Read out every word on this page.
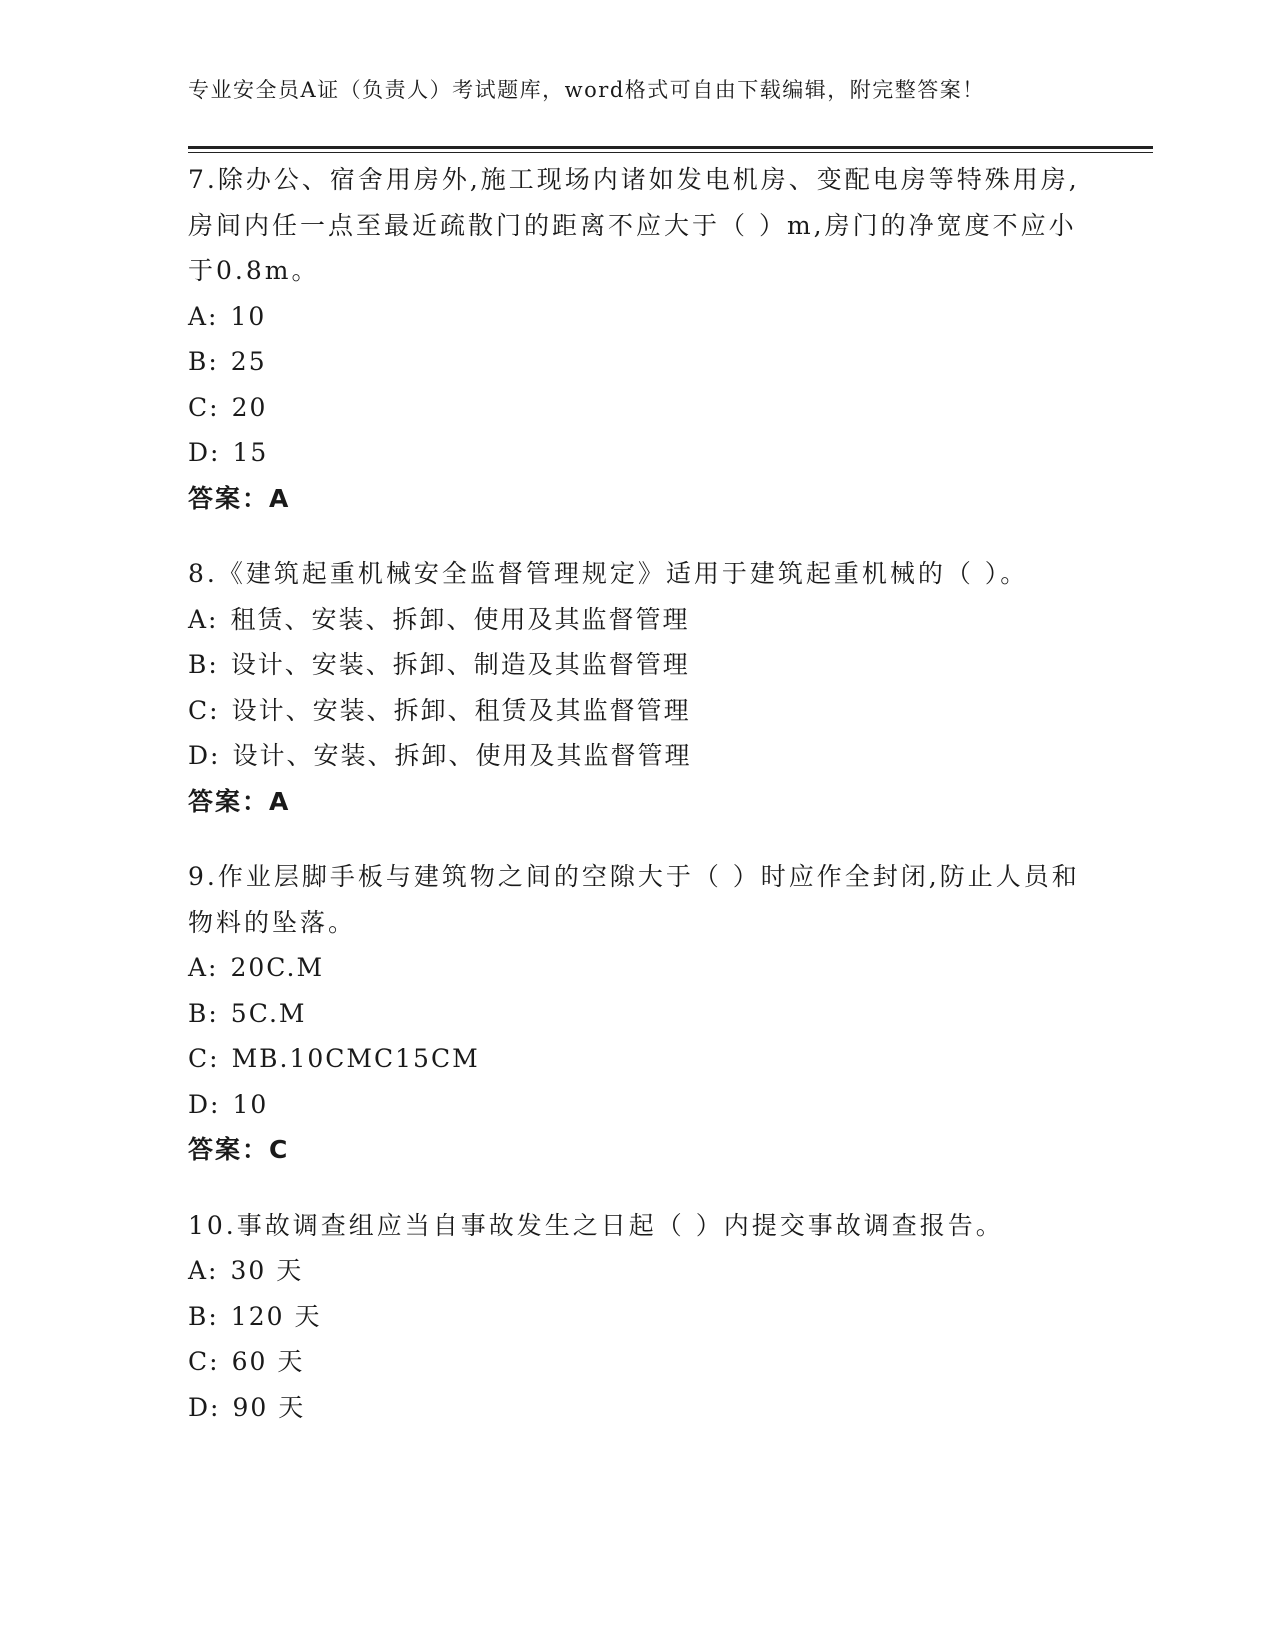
专业安全员A证（负责人）考试题库，word格式可自由下载编辑，附完整答案！
7.除办公、宿舍用房外,施工现场内诸如发电机房、变配电房等特殊用房,房间内任一点至最近疏散门的距离不应大于（ ）m,房门的净宽度不应小于0.8m。
A: 10
B: 25
C: 20
D: 15
答案：A
8.《建筑起重机械安全监督管理规定》适用于建筑起重机械的（ ）。
A: 租赁、安装、拆卸、使用及其监督管理
B: 设计、安装、拆卸、制造及其监督管理
C: 设计、安装、拆卸、租赁及其监督管理
D: 设计、安装、拆卸、使用及其监督管理
答案：A
9.作业层脚手板与建筑物之间的空隙大于（ ）时应作全封闭,防止人员和物料的坠落。
A: 20C.M
B: 5C.M
C: MB.10CMC15CM
D: 10
答案：C
10.事故调查组应当自事故发生之日起（ ）内提交事故调查报告。
A: 30 天
B: 120 天
C: 60 天
D: 90 天
